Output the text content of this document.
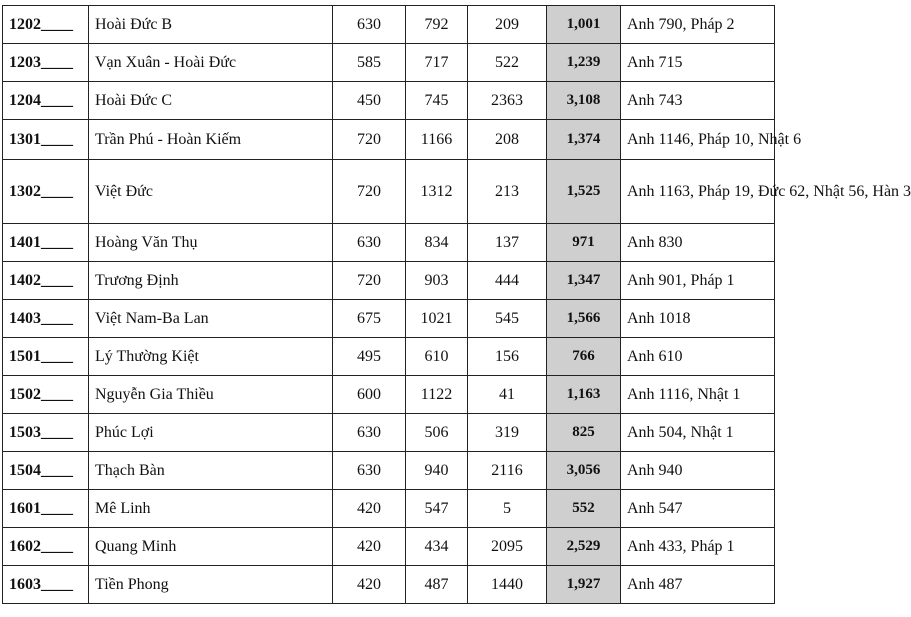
1202____	Hoài Đức B	630	792	209	1,001	Anh 790, Pháp 2
1203____	Vạn Xuân - Hoài Đức	585	717	522	1,239	Anh 715
1204____	Hoài Đức C	450	745	2363	3,108	Anh 743
1301____	Trần Phú - Hoàn Kiếm	720	1166	208	1,374	Anh 1146, Pháp 10, Nhật 6
1302____	Việt Đức	720	1312	213	1,525	Anh 1163, Pháp 19, Đức 62, Nhật 56, Hàn 3
1401____	Hoàng Văn Thụ	630	834	137	971	Anh 830
1402____	Trương Định	720	903	444	1,347	Anh 901, Pháp 1
1403____	Việt Nam-Ba Lan	675	1021	545	1,566	Anh 1018
1501____	Lý Thường Kiệt	495	610	156	766	Anh 610
1502____	Nguyễn Gia Thiều	600	1122	41	1,163	Anh 1116, Nhật 1
1503____	Phúc Lợi	630	506	319	825	Anh 504, Nhật 1
1504____	Thạch Bàn	630	940	2116	3,056	Anh 940
1601____	Mê Linh	420	547	5	552	Anh 547
1602____	Quang Minh	420	434	2095	2,529	Anh 433, Pháp 1
1603____	Tiền Phong	420	487	1440	1,927	Anh 487
